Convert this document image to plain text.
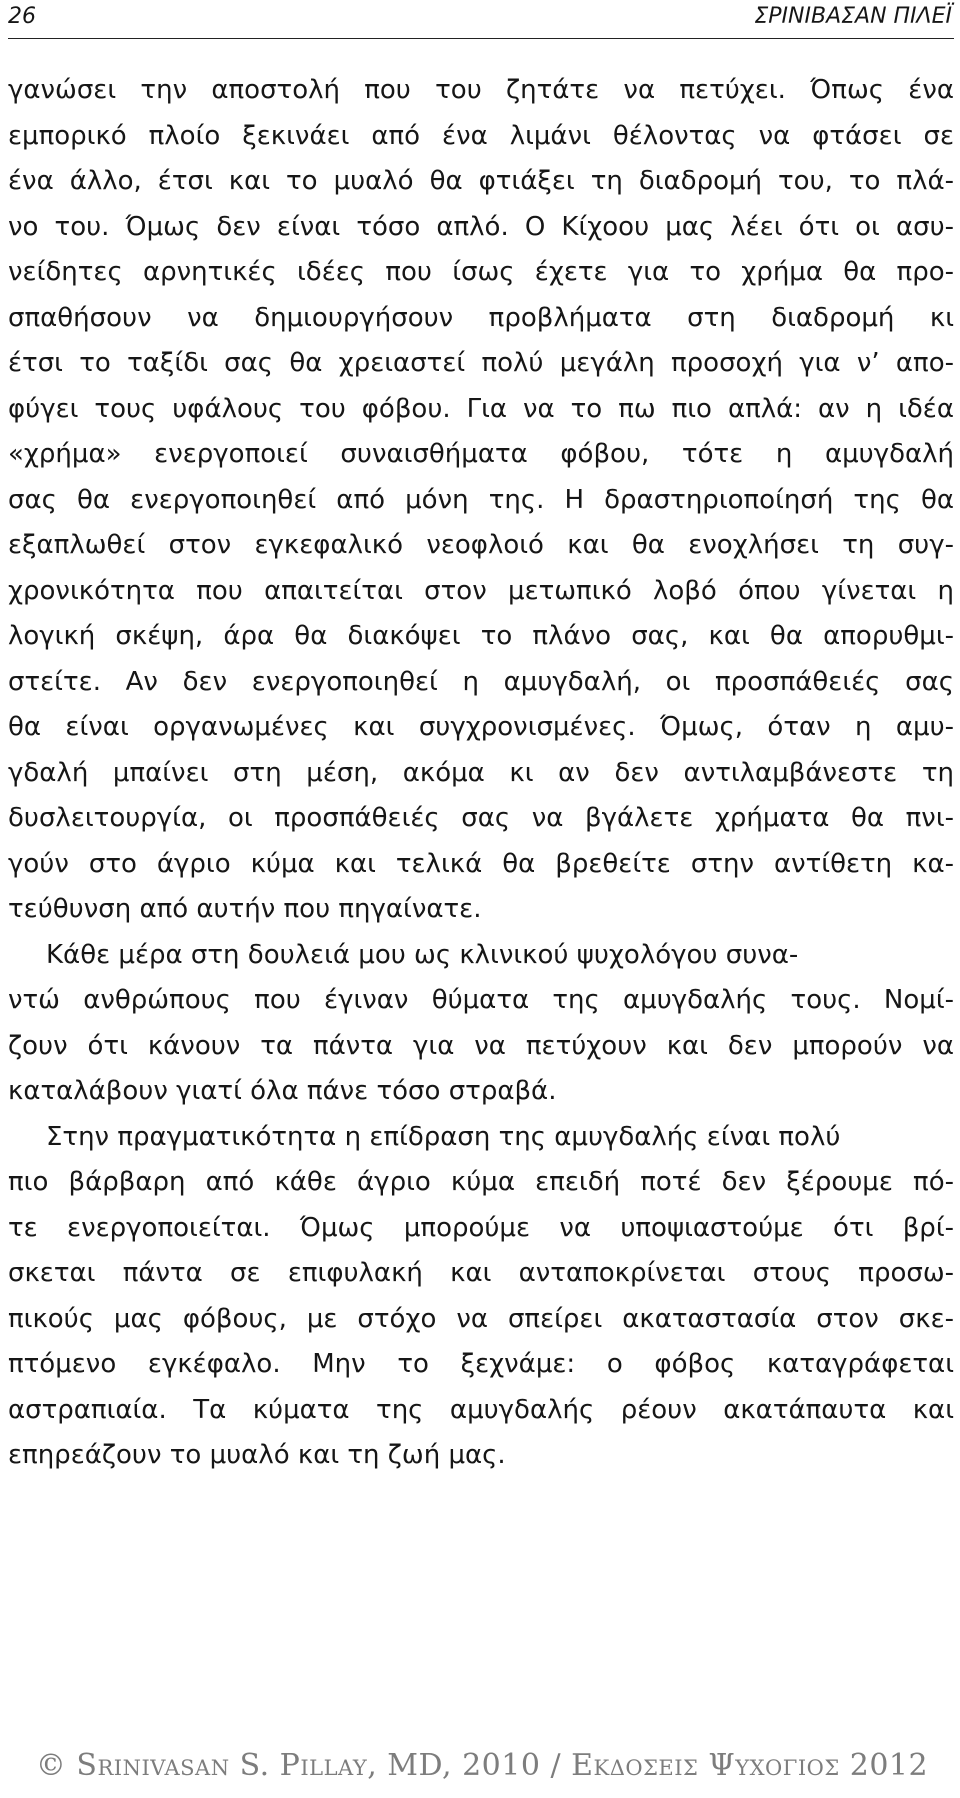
26	ΣΡΙΝΙΒΑΣΑΝ ΠΙΛΕΪ
γανώσει την αποστολή που του ζητάτε να πετύχει. Όπως ένα
εμπορικό πλοίο ξεκινάει από ένα λιμάνι θέλοντας να φτάσει σε
ένα άλλο, έτσι και το μυαλό θα φτιάξει τη διαδρομή του, το πλά-
νο του. Όμως δεν είναι τόσο απλό. Ο Κίχοου μας λέει ότι οι ασυ-
νείδητες αρνητικές ιδέες που ίσως έχετε για το χρήμα θα προ-
σπαθήσουν να δημιουργήσουν προβλήματα στη διαδρομή κι
έτσι το ταξίδι σας θα χρειαστεί πολύ μεγάλη προσοχή για ν’ απο-
φύγει τους υφάλους του φόβου. Για να το πω πιο απλά: αν η ιδέα
«χρήμα» ενεργοποιεί συναισθήματα φόβου, τότε η αμυγδαλή
σας θα ενεργοποιηθεί από μόνη της. Η δραστηριοποίησή της θα
εξαπλωθεί στον εγκεφαλικό νεοφλοιό και θα ενοχλήσει τη συγ-
χρονικότητα που απαιτείται στον μετωπικό λοβό όπου γίνεται η
λογική σκέψη, άρα θα διακόψει το πλάνο σας, και θα απορυθμι-
στείτε. Αν δεν ενεργοποιηθεί η αμυγδαλή, οι προσπάθειές σας
θα είναι οργανωμένες και συγχρονισμένες. Όμως, όταν η αμυ-
γδαλή μπαίνει στη μέση, ακόμα κι αν δεν αντιλαμβάνεστε τη
δυσλειτουργία, οι προσπάθειές σας να βγάλετε χρήματα θα πνι-
γούν στο άγριο κύμα και τελικά θα βρεθείτε στην αντίθετη κα-
τεύθυνση από αυτήν που πηγαίνατε.
Κάθε μέρα στη δουλειά μου ως κλινικού ψυχολόγου συνα-
ντώ ανθρώπους που έγιναν θύματα της αμυγδαλής τους. Νομί-
ζουν ότι κάνουν τα πάντα για να πετύχουν και δεν μπορούν να
καταλάβουν γιατί όλα πάνε τόσο στραβά.
Στην πραγματικότητα η επίδραση της αμυγδαλής είναι πολύ
πιο βάρβαρη από κάθε άγριο κύμα επειδή ποτέ δεν ξέρουμε πό-
τε ενεργοποιείται. Όμως μπορούμε να υποψιαστούμε ότι βρί-
σκεται πάντα σε επιφυλακή και ανταποκρίνεται στους προσω-
πικούς μας φόβους, με στόχο να σπείρει ακαταστασία στον σκε-
πτόμενο εγκέφαλο. Μην το ξεχνάμε: ο φόβος καταγράφεται
αστραπιαία. Τα κύματα της αμυγδαλής ρέουν ακατάπαυτα και
επηρεάζουν το μυαλό και τη ζωή μας.
© Srinivasan S. Pillay, MD, 2010 / Εκδοσεις Ψυχογιος 2012
